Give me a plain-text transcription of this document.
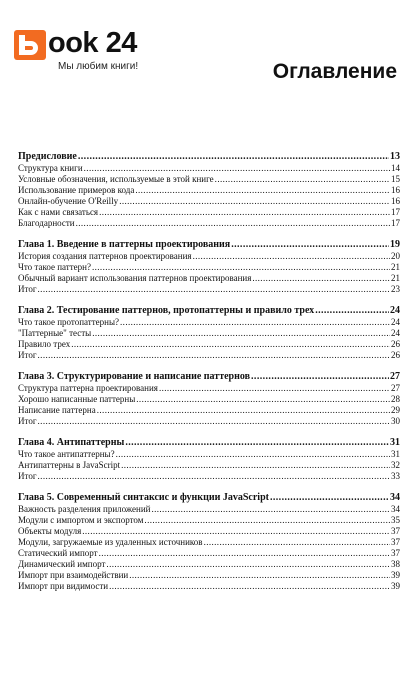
ook 24
Мы любим книги!	Оглавление
Предисловие .....	13
Структура книги .....	14
Условные обозначения, используемые в этой книге .....	15
Использование примеров кода .....	16
Онлайн-обучение O'Reilly .....	16
Как с нами связаться .....	17
Благодарности .....	17
Глава 1. Введение в паттерны проектирования .....	19
История создания паттернов проектирования .....	20
Что такое паттерн? .....	21
Обычный вариант использования паттернов проектирования .....	21
Итог .....	23
Глава 2. Тестирование паттернов, протопаттерны и правило трех .....	24
Что такое протопаттерны? .....	24
"Паттерные" тесты .....	24
Правило трех .....	26
Итог .....	26
Глава 3. Структурирование и написание паттернов .....	27
Структура паттерна проектирования .....	27
Хорошо написанные паттерны .....	28
Написание паттерна .....	29
Итог .....	30
Глава 4. Антипаттерны .....	31
Что такое антипаттерны? .....	31
Антипаттерны в JavaScript .....	32
Итог .....	33
Глава 5. Современный синтаксис и функции JavaScript .....	34
Важность разделения приложений .....	34
Модули с импортом и экспортом .....	35
Объекты модуля .....	37
Модули, загружаемые из удаленных источников .....	37
Статический импорт .....	37
Динамический импорт .....	38
Импорт при взаимодействии .....	39
Импорт при видимости .....	39
